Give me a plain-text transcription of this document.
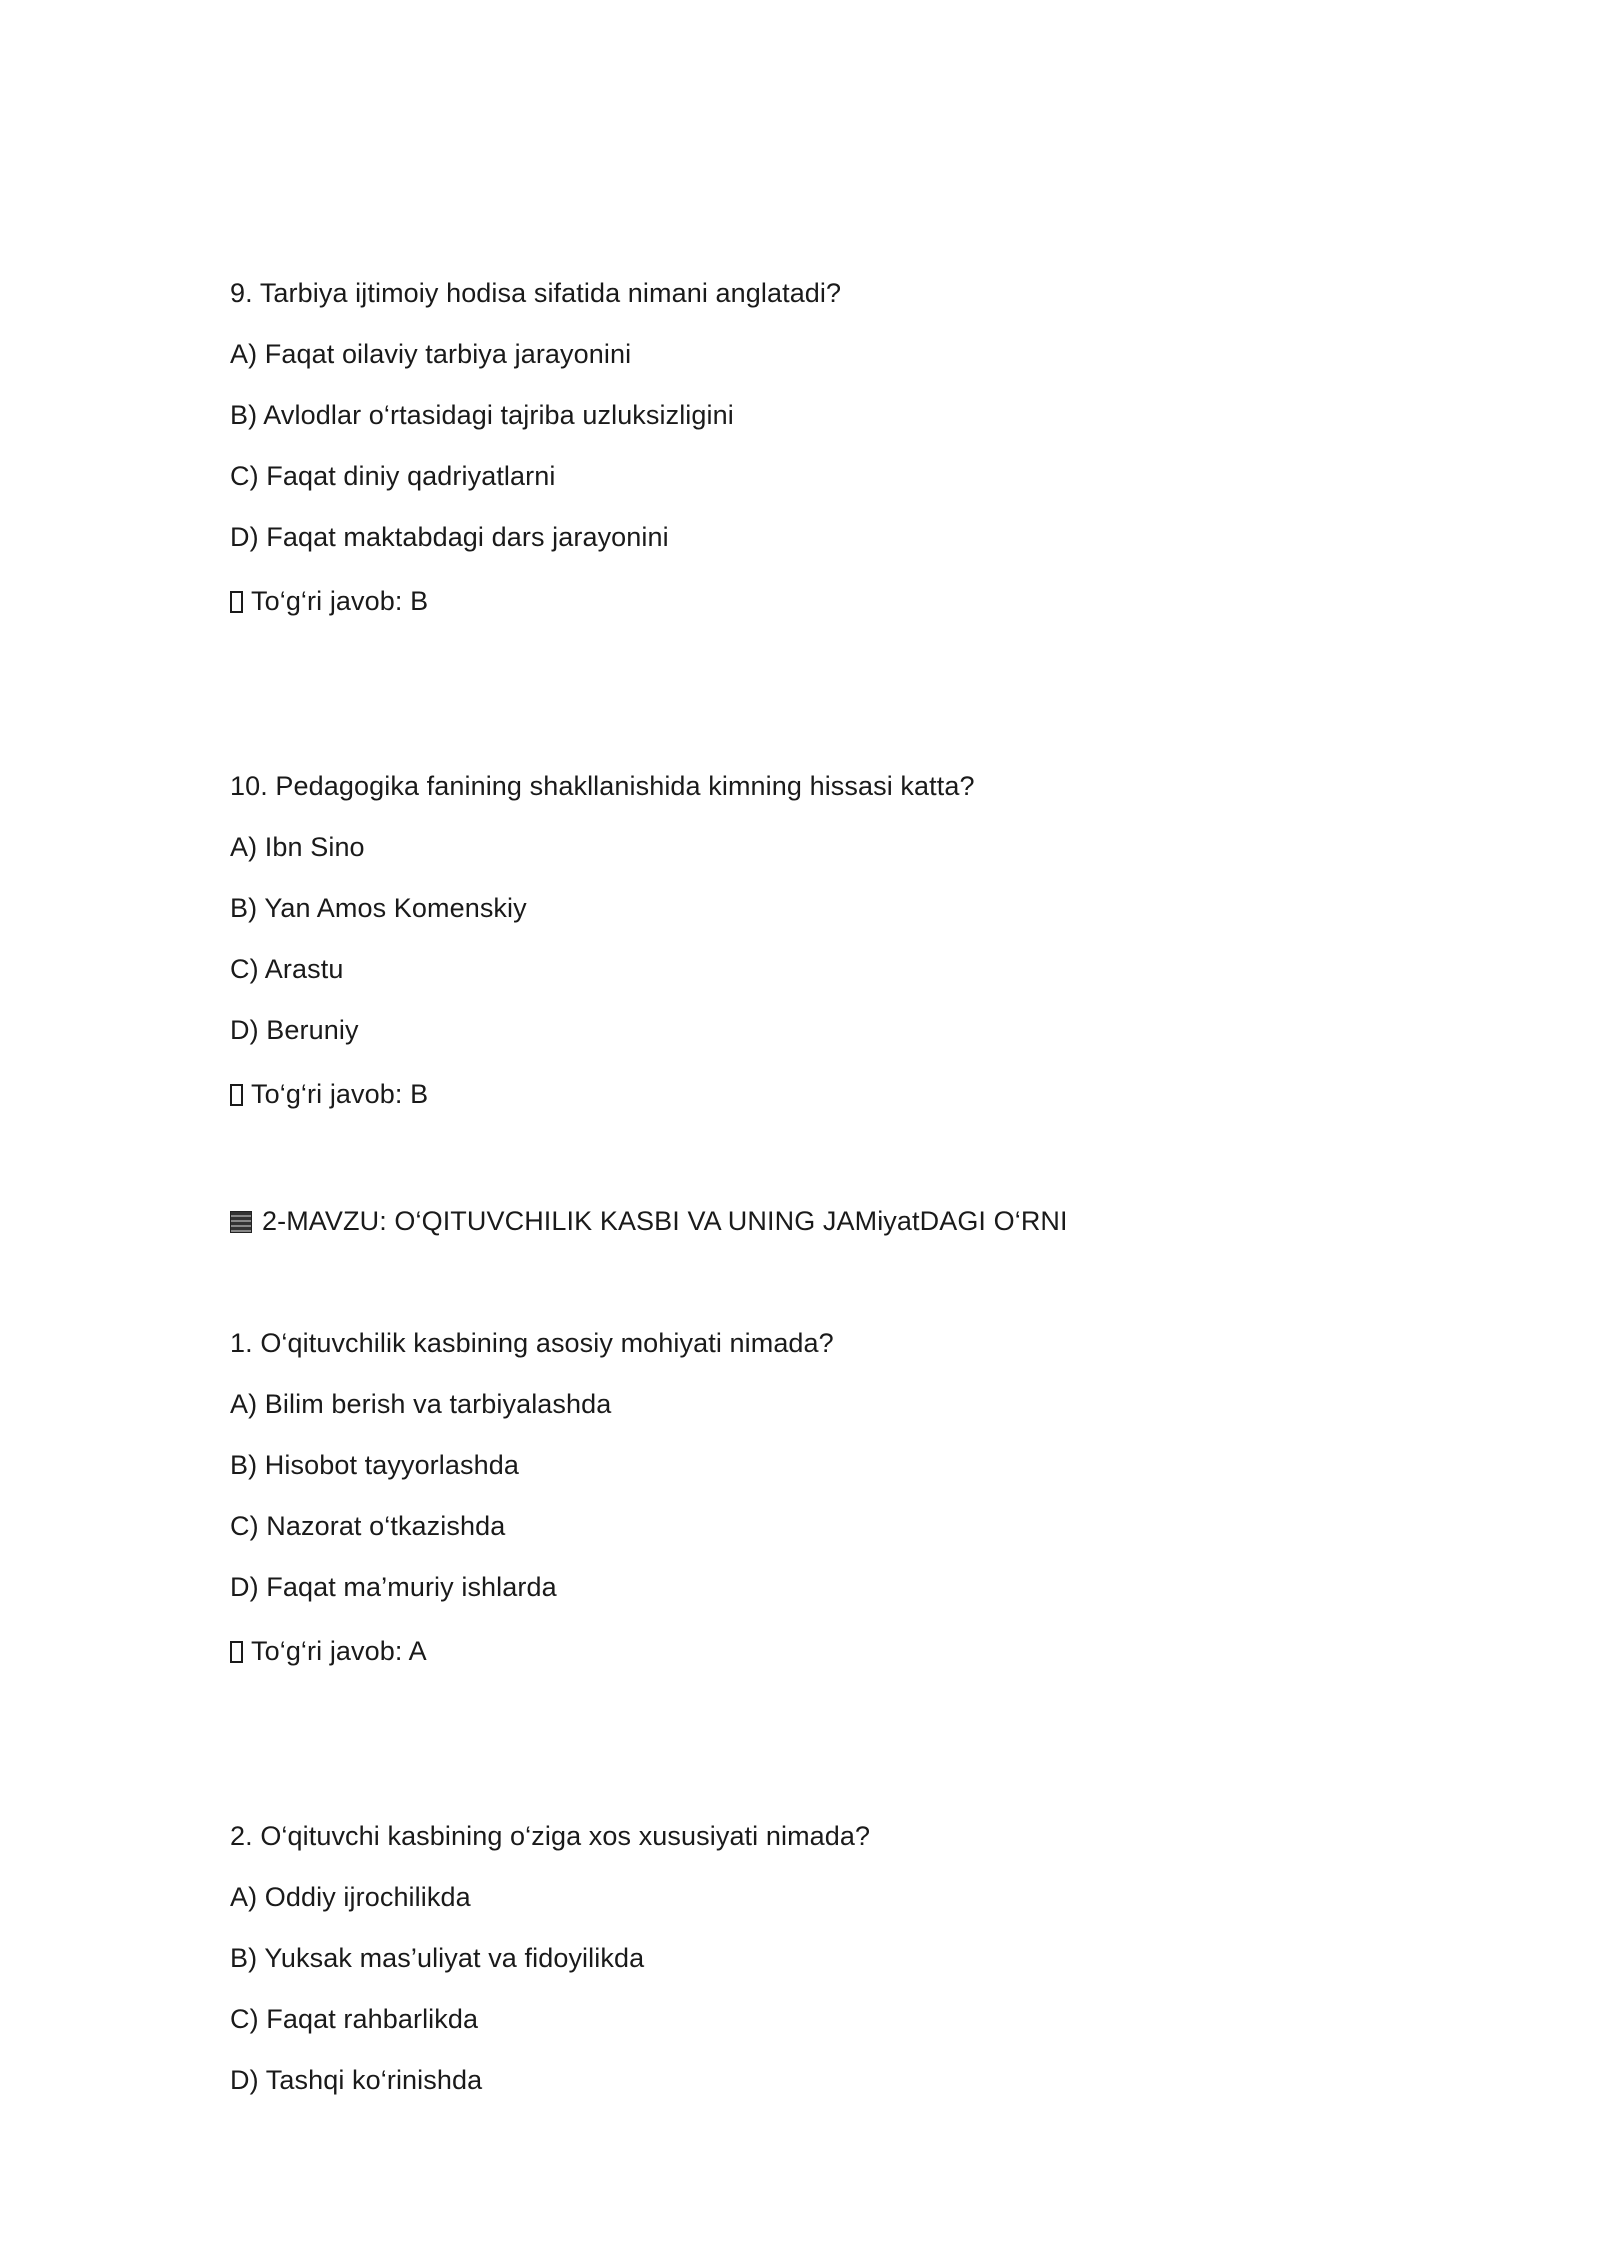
9. Tarbiya ijtimoiy hodisa sifatida nimani anglatadi?
A) Faqat oilaviy tarbiya jarayonini
B) Avlodlar o‘rtasidagi tajriba uzluksizligini
C) Faqat diniy qadriyatlarni
D) Faqat maktabdagi dars jarayonini
To‘g‘ri javob: B
10. Pedagogika fanining shakllanishida kimning hissasi katta?
A) Ibn Sino
B) Yan Amos Komenskiy
C) Arastu
D) Beruniy
To‘g‘ri javob: B
2-MAVZU: O‘QITUVCHILIK KASBI VA UNING JAMiyatDAGI O‘RNI
1. O‘qituvchilik kasbining asosiy mohiyati nimada?
A) Bilim berish va tarbiyalashda
B) Hisobot tayyorlashda
C) Nazorat o‘tkazishda
D) Faqat ma’muriy ishlarda
To‘g‘ri javob: A
2. O‘qituvchi kasbining o‘ziga xos xususiyati nimada?
A) Oddiy ijrochilikda
B) Yuksak mas’uliyat va fidoyilikda
C) Faqat rahbarlikda
D) Tashqi ko‘rinishda
